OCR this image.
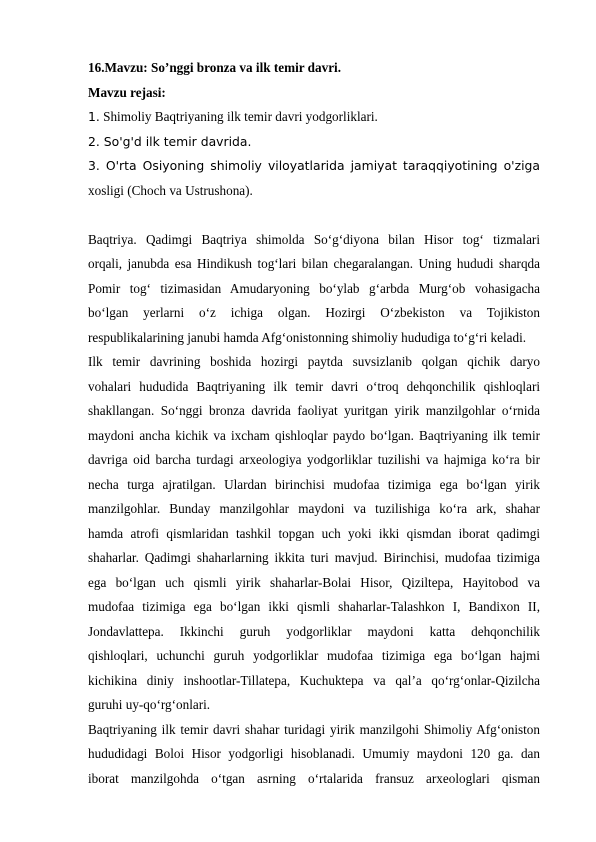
16.Mavzu: So’nggi bronza va ilk temir davri.
Mavzu rejasi:
1. Shimoliy Baqtriyaning ilk temir davri yodgorliklari.
2. So'g'd ilk temir davrida.
3. O'rta Osiyoning shimoliy viloyatlarida jamiyat taraqqiyotining o'ziga
xosligi (Choch va Ustrushona).
Baqtriya. Qadimgi Baqtriya shimolda So‘g‘diyona bilan Hisor tog‘ tizmalari
orqali, janubda esa Hindikush tog‘lari bilan chegaralangan. Uning hududi sharqda
Pomir tog‘ tizimasidan Amudaryoning bo‘ylab g‘arbda Murg‘ob vohasigacha
bo‘lgan yerlarni o‘z ichiga olgan. Hozirgi O‘zbekiston va Tojikiston
respublikalarining janubi hamda Afg‘onistonning shimoliy hududiga to‘g‘ri keladi.
Ilk temir davrining boshida hozirgi paytda suvsizlanib qolgan qichik daryo
vohalari hududida Baqtriyaning ilk temir davri o‘troq dehqonchilik qishloqlari
shakllangan. So‘nggi bronza davrida faoliyat yuritgan yirik manzilgohlar o‘rnida
maydoni ancha kichik va ixcham qishloqlar paydo bo‘lgan. Baqtriyaning ilk temir
davriga oid barcha turdagi arxeologiya yodgorliklar tuzilishi va hajmiga ko‘ra bir
necha turga ajratilgan. Ulardan birinchisi mudofaa tizimiga ega bo‘lgan yirik
manzilgohlar. Bunday manzilgohlar maydoni va tuzilishiga ko‘ra ark, shahar
hamda atrofi qismlaridan tashkil topgan uch yoki ikki qismdan iborat qadimgi
shaharlar. Qadimgi shaharlarning ikkita turi mavjud. Birinchisi, mudofaa tizimiga
ega bo‘lgan uch qismli yirik shaharlar-Bolai Hisor, Qiziltepa, Hayitobod va
mudofaa tizimiga ega bo‘lgan ikki qismli shaharlar-Talashkon I, Bandixon II,
Jondavlattepa. Ikkinchi guruh yodgorliklar maydoni katta dehqonchilik
qishloqlari, uchunchi guruh yodgorliklar mudofaa tizimiga ega bo‘lgan hajmi
kichikina diniy inshootlar-Tillatepa, Kuchuktepa va qal’a qo‘rg‘onlar-Qizilcha
guruhi uy-qo‘rg‘onlari.
Baqtriyaning ilk temir davri shahar turidagi yirik manzilgohi Shimoliy Afg‘oniston
hududidagi Boloi Hisor yodgorligi hisoblanadi. Umumiy maydoni 120 ga. dan
iborat manzilgohda o‘tgan asrning o‘rtalarida fransuz arxeologlari qisman
